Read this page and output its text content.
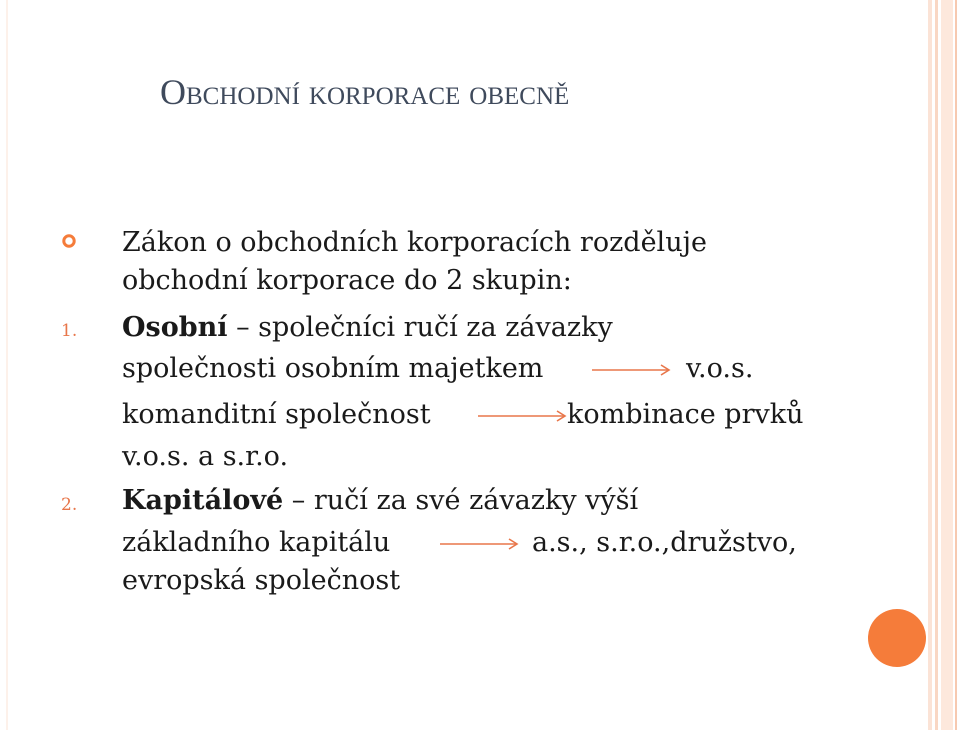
Obchodní korporace obecně
Zákon o obchodních korporacích rozděluje
obchodní korporace do 2 skupin:
1. Osobní – společníci ručí za závazky
společnosti osobním majetkem	v.o.s.
komanditní společnost	kombinace prvků
v.o.s. a s.r.o.
2. Kapitálové – ručí za své závazky výší
základního kapitálu	a.s., s.r.o.,družstvo,
evropská společnost
